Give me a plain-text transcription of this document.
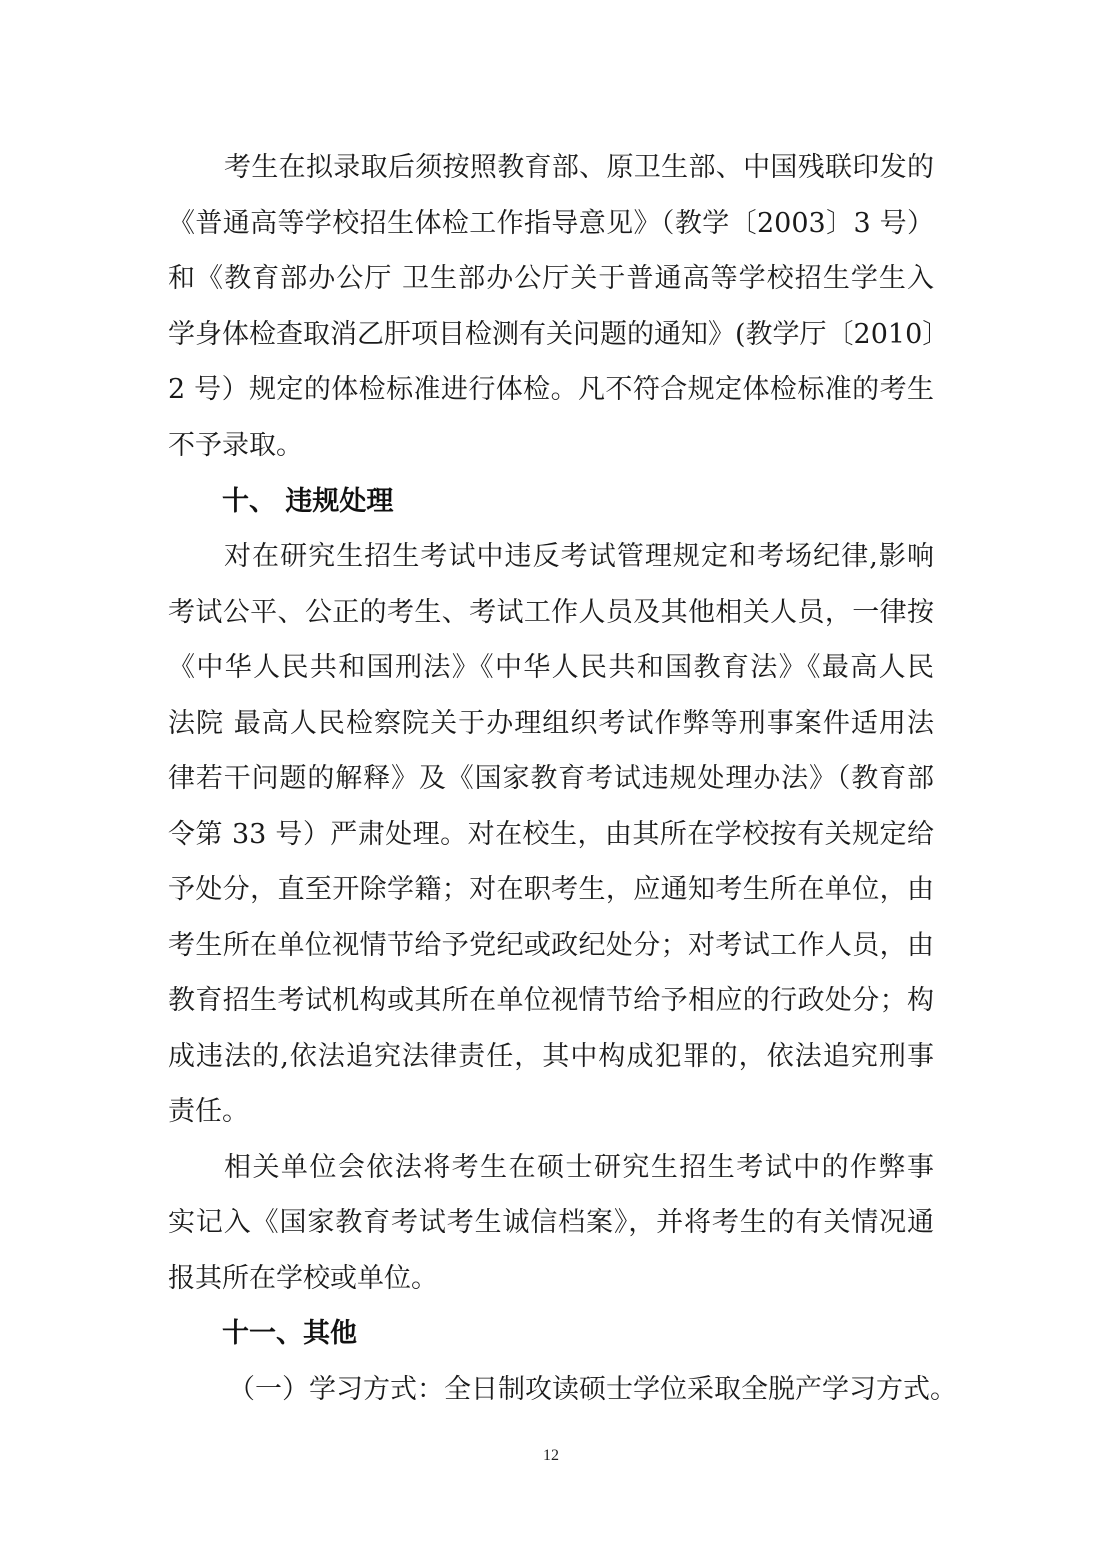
考生在拟录取后须按照教育部、原卫生部、中国残联印发的
《普通高等学校招生体检工作指导意见》（教学〔2003〕3 号）
和《教育部办公厅 卫生部办公厅关于普通高等学校招生学生入
学身体检查取消乙肝项目检测有关问题的通知》(教学厅〔2010〕
2 号）规定的体检标准进行体检。凡不符合规定体检标准的考生
不予录取。
十、 违规处理
对在研究生招生考试中违反考试管理规定和考场纪律,影响
考试公平、公正的考生、考试工作人员及其他相关人员，一律按
《中华人民共和国刑法》《中华人民共和国教育法》《最高人民
法院 最高人民检察院关于办理组织考试作弊等刑事案件适用法
律若干问题的解释》及《国家教育考试违规处理办法》（教育部
令第 33 号）严肃处理。对在校生，由其所在学校按有关规定给
予处分，直至开除学籍；对在职考生，应通知考生所在单位，由
考生所在单位视情节给予党纪或政纪处分；对考试工作人员，由
教育招生考试机构或其所在单位视情节给予相应的行政处分；构
成违法的,依法追究法律责任，其中构成犯罪的，依法追究刑事
责任。
相关单位会依法将考生在硕士研究生招生考试中的作弊事
实记入《国家教育考试考生诚信档案》，并将考生的有关情况通
报其所在学校或单位。
十一、其他
（一）学习方式：全日制攻读硕士学位采取全脱产学习方式。
12
